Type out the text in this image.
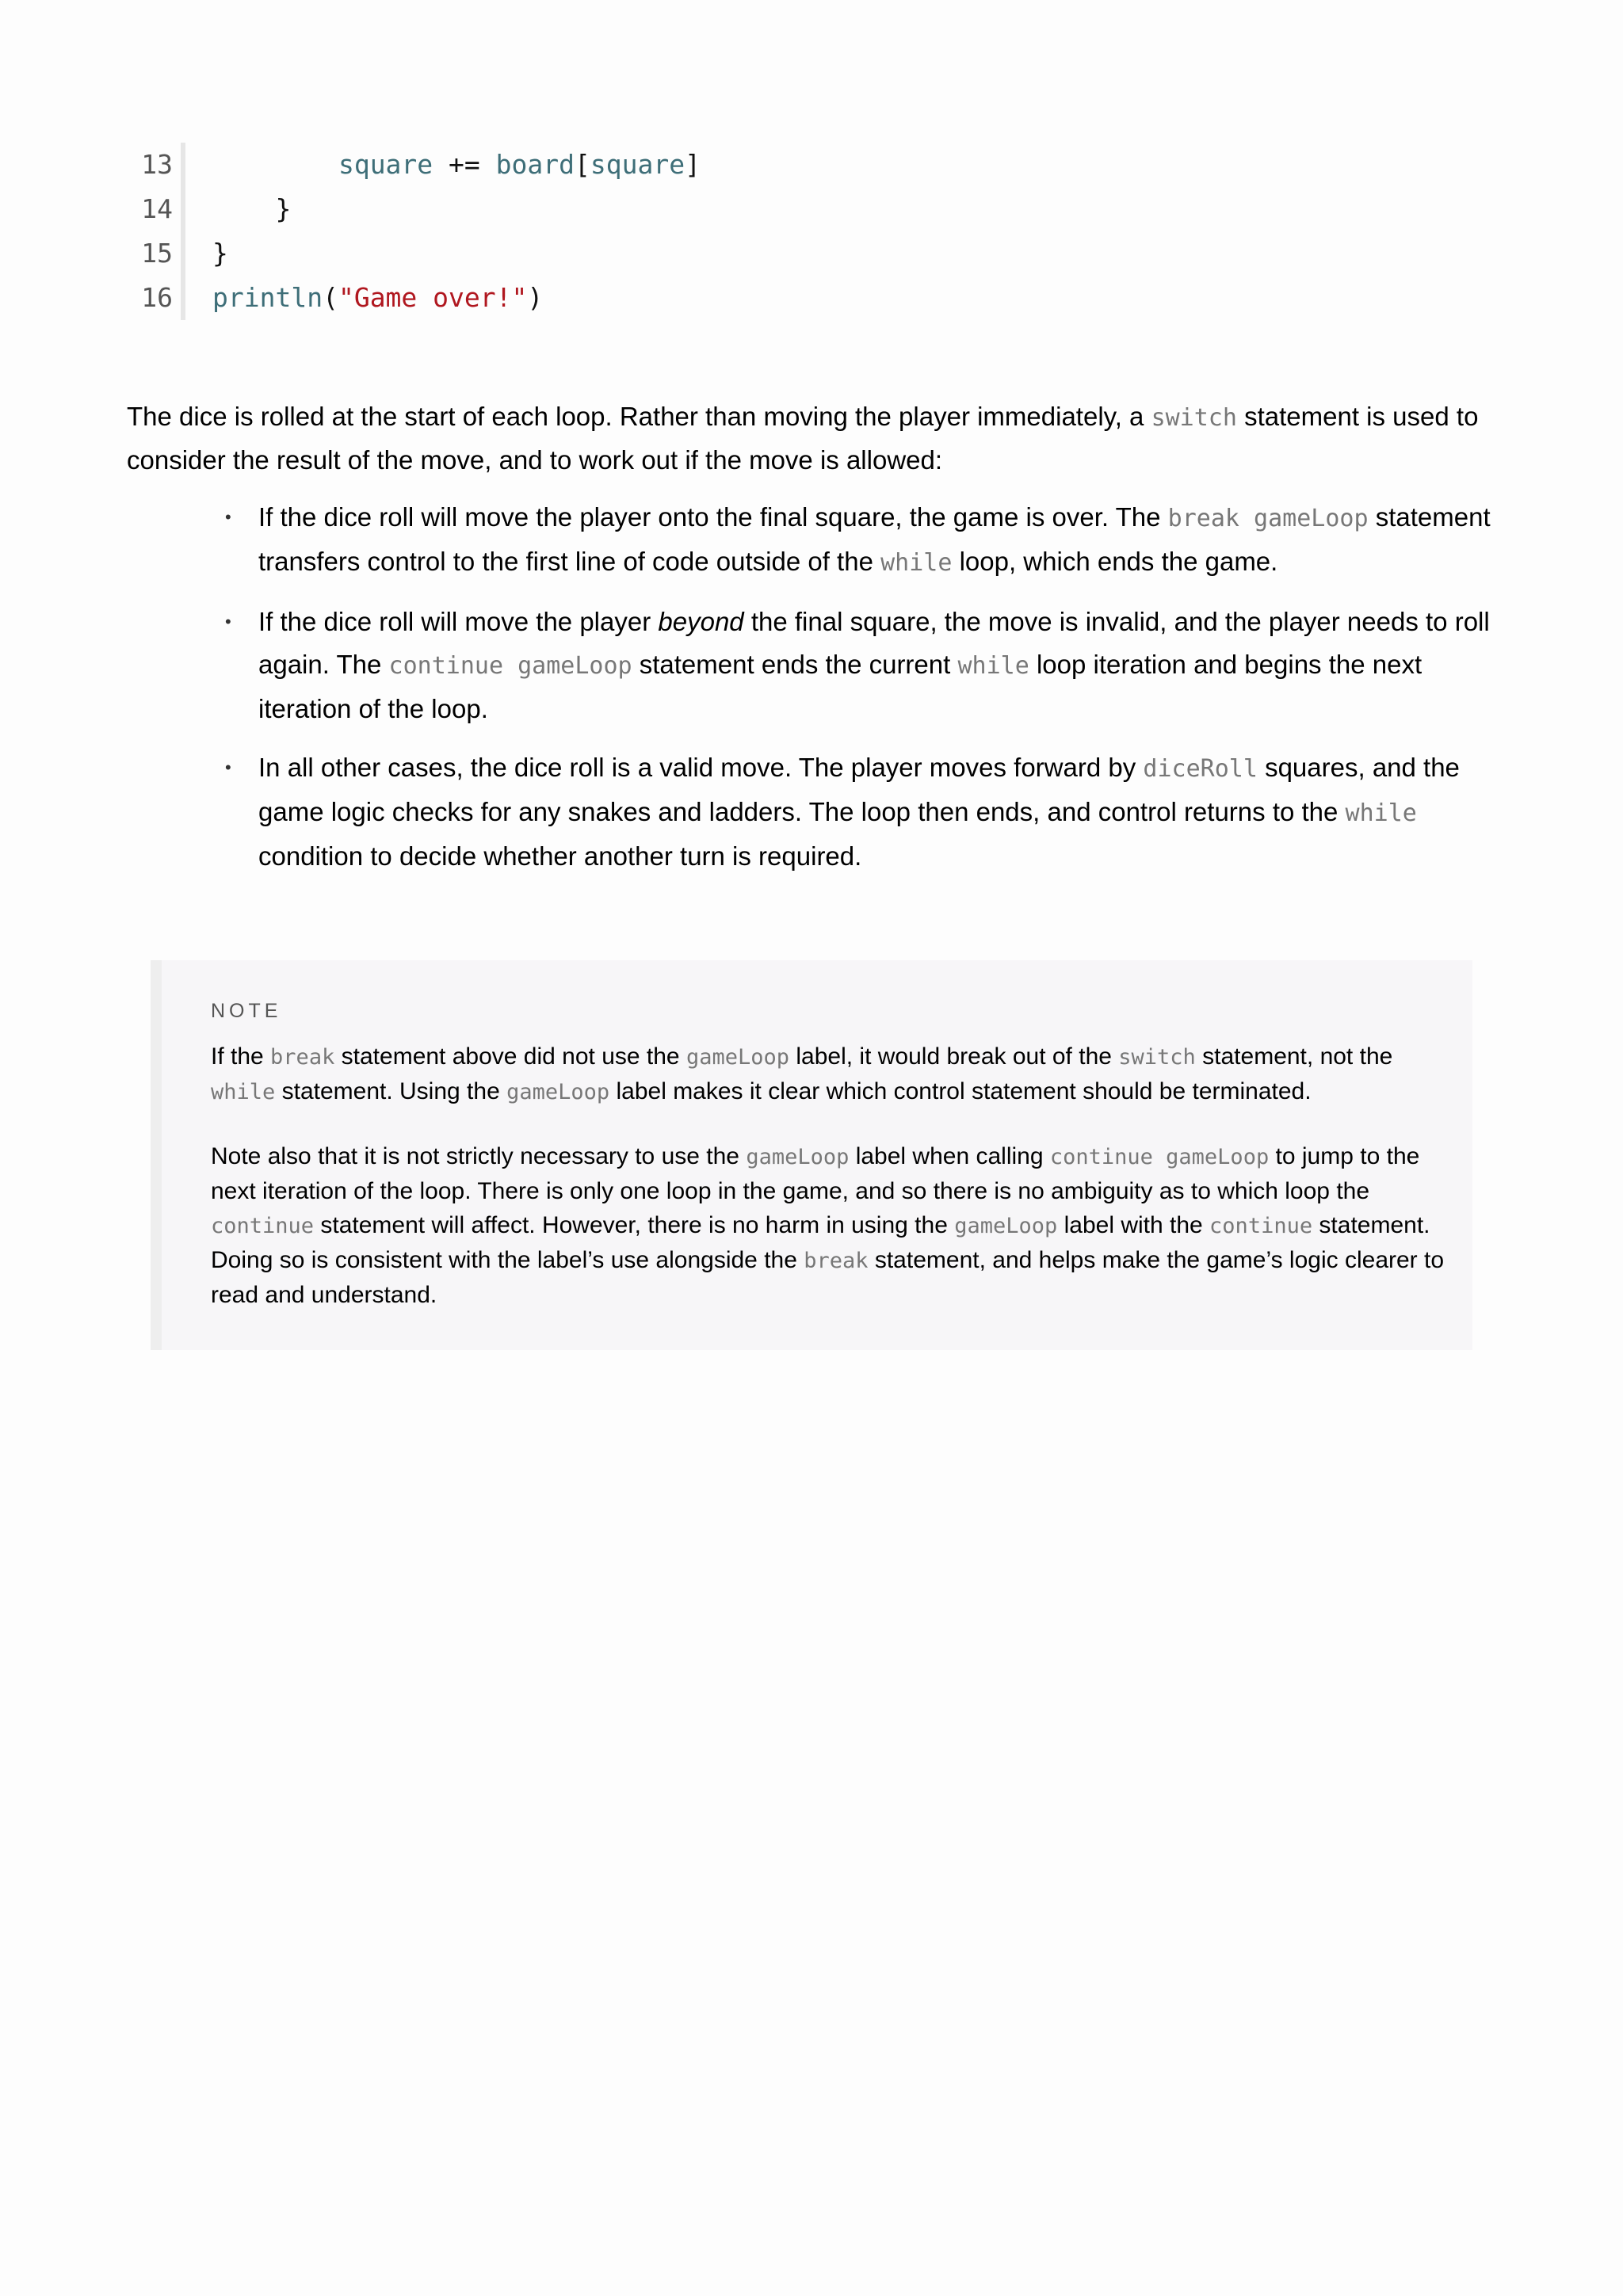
13	square += board[square]
14 }
15 }
16 println("Game over!")

The dice is rolled at the start of each loop. Rather than moving the player immediately, a switch statement is used to consider the result of the move, and to work out if the move is allowed:

• If the dice roll will move the player onto the final square, the game is over. The break gameLoop statement transfers control to the first line of code outside of the while loop, which ends the game.
• If the dice roll will move the player beyond the final square, the move is invalid, and the player needs to roll again. The continue gameLoop statement ends the current while loop iteration and begins the next iteration of the loop.
• In all other cases, the dice roll is a valid move. The player moves forward by diceRoll squares, and the game logic checks for any snakes and ladders. The loop then ends, and control returns to the while condition to decide whether another turn is required.
NOTE

If the break statement above did not use the gameLoop label, it would break out of the switch statement, not the while statement. Using the gameLoop label makes it clear which control statement should be terminated.

Note also that it is not strictly necessary to use the gameLoop label when calling continue gameLoop to jump to the next iteration of the loop. There is only one loop in the game, and so there is no ambiguity as to which loop the continue statement will affect. However, there is no harm in using the gameLoop label with the continue statement. Doing so is consistent with the label’s use alongside the break statement, and helps make the game’s logic clearer to read and understand.
